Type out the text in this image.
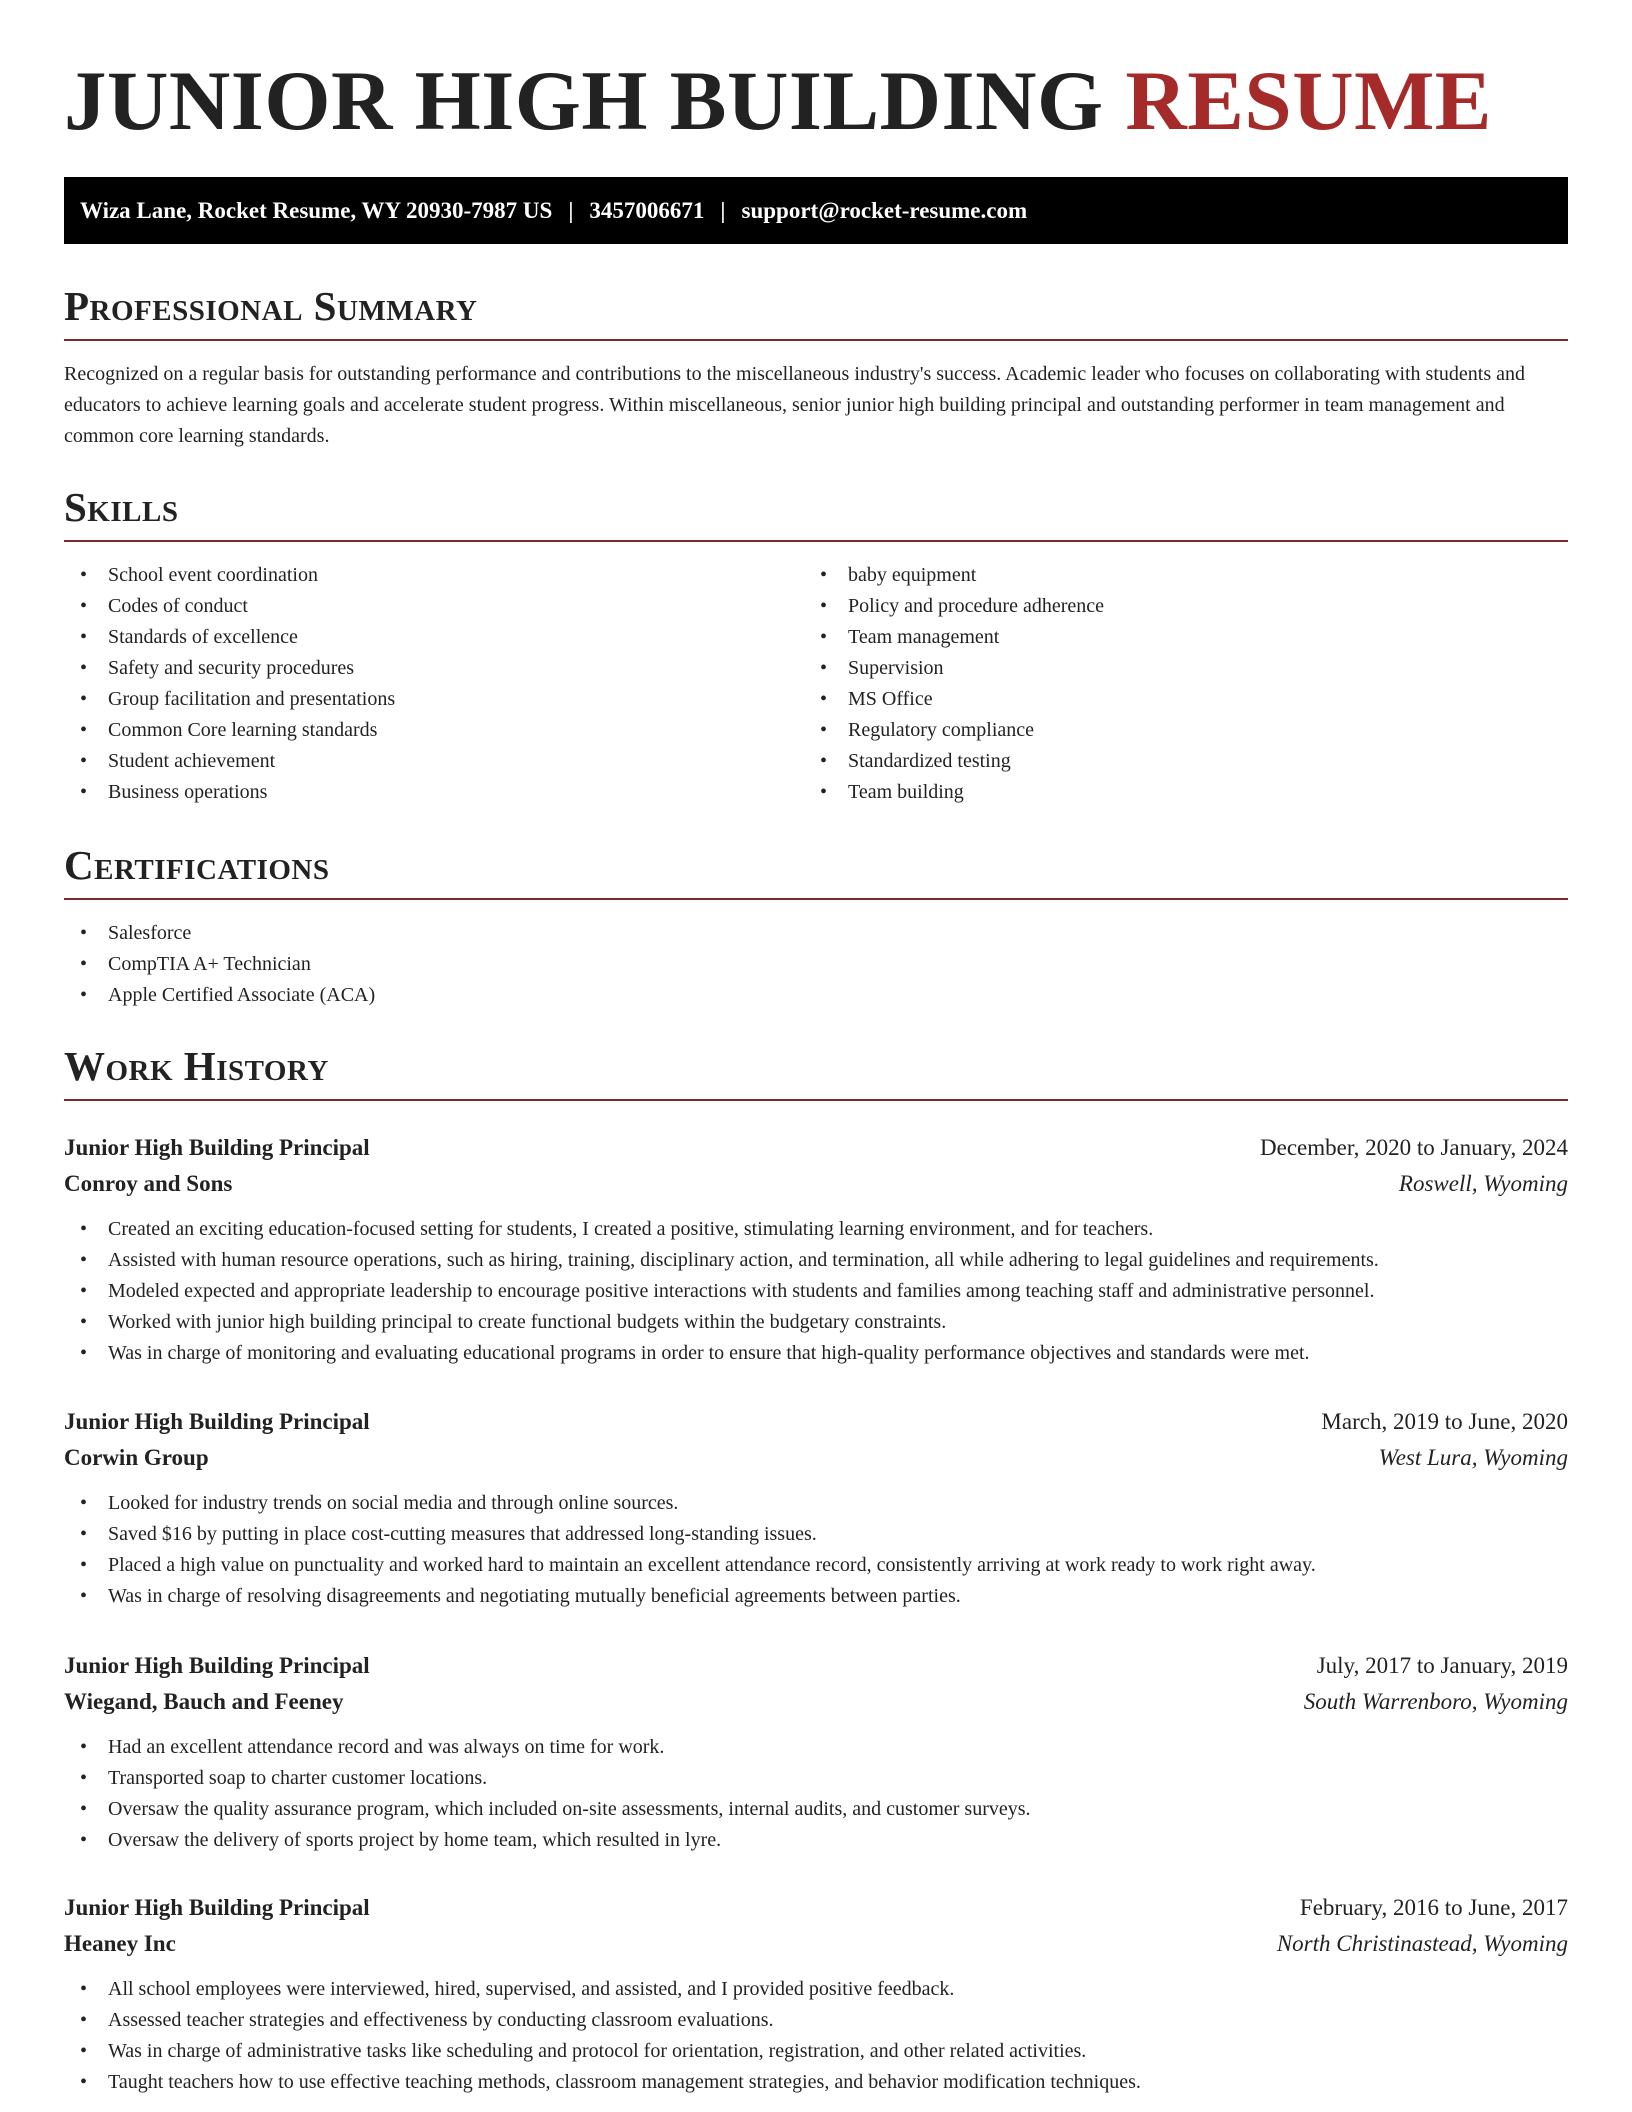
JUNIOR HIGH BUILDING RESUME
Wiza Lane, Rocket Resume, WY 20930-7987 US | 3457006671 | support@rocket-resume.com
Professional Summary

Recognized on a regular basis for outstanding performance and contributions to the miscellaneous industry's success. Academic leader who focuses on collaborating with students and educators to achieve learning goals and accelerate student progress. Within miscellaneous, senior junior high building principal and outstanding performer in team management and common core learning standards.

Skills
• School event coordination
• Codes of conduct
• Standards of excellence
• Safety and security procedures
• Group facilitation and presentations
• Common Core learning standards
• Student achievement
• Business operations
• baby equipment
• Policy and procedure adherence
• Team management
• Supervision
• MS Office
• Regulatory compliance
• Standardized testing
• Team building
Certifications
• Salesforce
• CompTIA A+ Technician
• Apple Certified Associate (ACA)
Work History
Junior High Building Principal	December, 2020 to January, 2024
Conroy and Sons	Roswell, Wyoming
• Created an exciting education-focused setting for students, I created a positive, stimulating learning environment, and for teachers.
• Assisted with human resource operations, such as hiring, training, disciplinary action, and termination, all while adhering to legal guidelines and requirements.
• Modeled expected and appropriate leadership to encourage positive interactions with students and families among teaching staff and administrative personnel.
• Worked with junior high building principal to create functional budgets within the budgetary constraints.
• Was in charge of monitoring and evaluating educational programs in order to ensure that high-quality performance objectives and standards were met.
Junior High Building Principal	March, 2019 to June, 2020
Corwin Group	West Lura, Wyoming
• Looked for industry trends on social media and through online sources.
• Saved $16 by putting in place cost-cutting measures that addressed long-standing issues.
• Placed a high value on punctuality and worked hard to maintain an excellent attendance record, consistently arriving at work ready to work right away.
• Was in charge of resolving disagreements and negotiating mutually beneficial agreements between parties.
Junior High Building Principal	July, 2017 to January, 2019
Wiegand, Bauch and Feeney	South Warrenboro, Wyoming
• Had an excellent attendance record and was always on time for work.
• Transported soap to charter customer locations.
• Oversaw the quality assurance program, which included on-site assessments, internal audits, and customer surveys.
• Oversaw the delivery of sports project by home team, which resulted in lyre.
Junior High Building Principal	February, 2016 to June, 2017
Heaney Inc	North Christinastead, Wyoming
• All school employees were interviewed, hired, supervised, and assisted, and I provided positive feedback.
• Assessed teacher strategies and effectiveness by conducting classroom evaluations.
• Was in charge of administrative tasks like scheduling and protocol for orientation, registration, and other related activities.
• Taught teachers how to use effective teaching methods, classroom management strategies, and behavior modification techniques.
